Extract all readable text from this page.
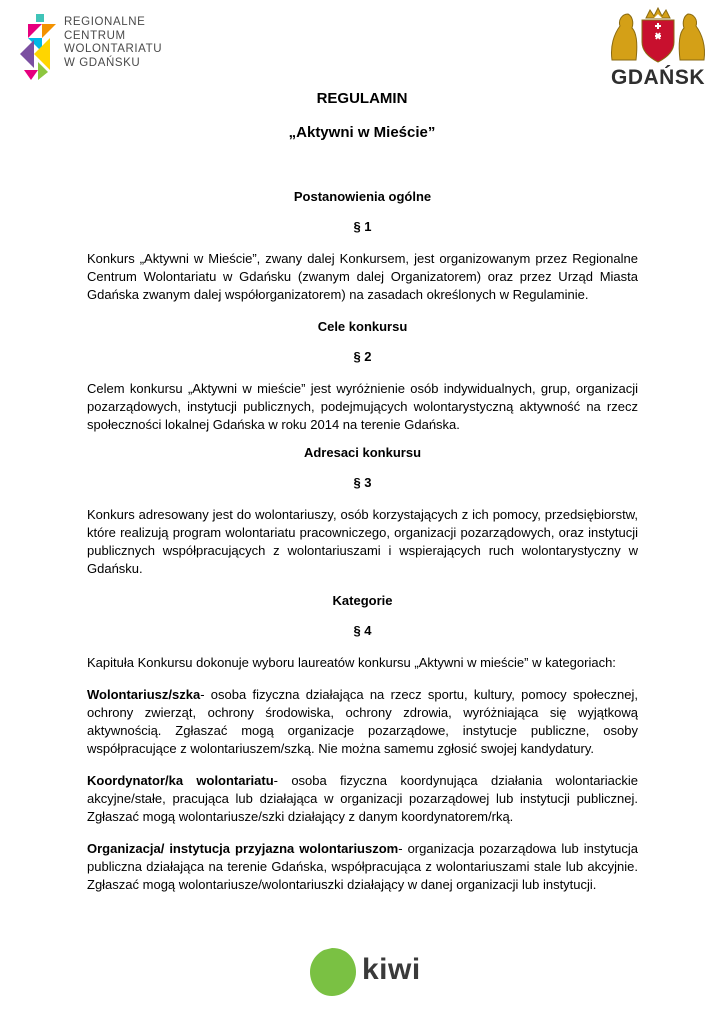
REGIONALNE
CENTRUM
WOLONTARIATU
W GDAŃSKU
GDAŃSK
REGULAMIN
„Aktywni w Mieście”

Postanowienia ogólne

§ 1

Konkurs „Aktywni w Mieście”, zwany dalej Konkursem, jest organizowanym przez Regionalne Centrum Wolontariatu w Gdańsku (zwanym dalej Organizatorem) oraz przez Urząd Miasta Gdańska zwanym dalej współorganizatorem) na zasadach określonych w Regulaminie.

Cele konkursu

§ 2

Celem konkursu „Aktywni w mieście” jest wyróżnienie osób indywidualnych, grup, organizacji pozarządowych, instytucji publicznych, podejmujących wolontarystyczną aktywność na rzecz społeczności lokalnej Gdańska w roku 2014 na terenie Gdańska.

Adresaci konkursu

§ 3

Konkurs adresowany jest do wolontariuszy, osób korzystających z ich pomocy, przedsiębiorstw, które realizują program wolontariatu pracowniczego, organizacji pozarządowych, oraz instytucji publicznych współpracujących z wolontariuszami i wspierających ruch wolontarystyczny w Gdańsku.

Kategorie

§ 4

Kapituła Konkursu dokonuje wyboru laureatów konkursu „Aktywni w mieście” w kategoriach:

Wolontariusz/szka- osoba fizyczna działająca na rzecz sportu, kultury, pomocy społecznej, ochrony zwierząt, ochrony środowiska, ochrony zdrowia, wyróżniająca się wyjątkową aktywnością. Zgłaszać mogą organizacje pozarządowe, instytucje publiczne, osoby współpracujące z wolontariuszem/szką. Nie można samemu zgłosić swojej kandydatury.

Koordynator/ka wolontariatu- osoba fizyczna koordynująca działania wolontariackie akcyjne/stałe, pracująca lub działająca w organizacji pozarządowej lub instytucji publicznej. Zgłaszać mogą wolontariusze/szki działający z danym koordynatorem/rką.

Organizacja/ instytucja przyjazna wolontariuszom- organizacja pozarządowa lub instytucja publiczna działająca na terenie Gdańska, współpracująca z wolontariuszami stale lub akcyjnie. Zgłaszać mogą wolontariusze/wolontariuszki działający w danej organizacji lub instytucji.

kiwi
